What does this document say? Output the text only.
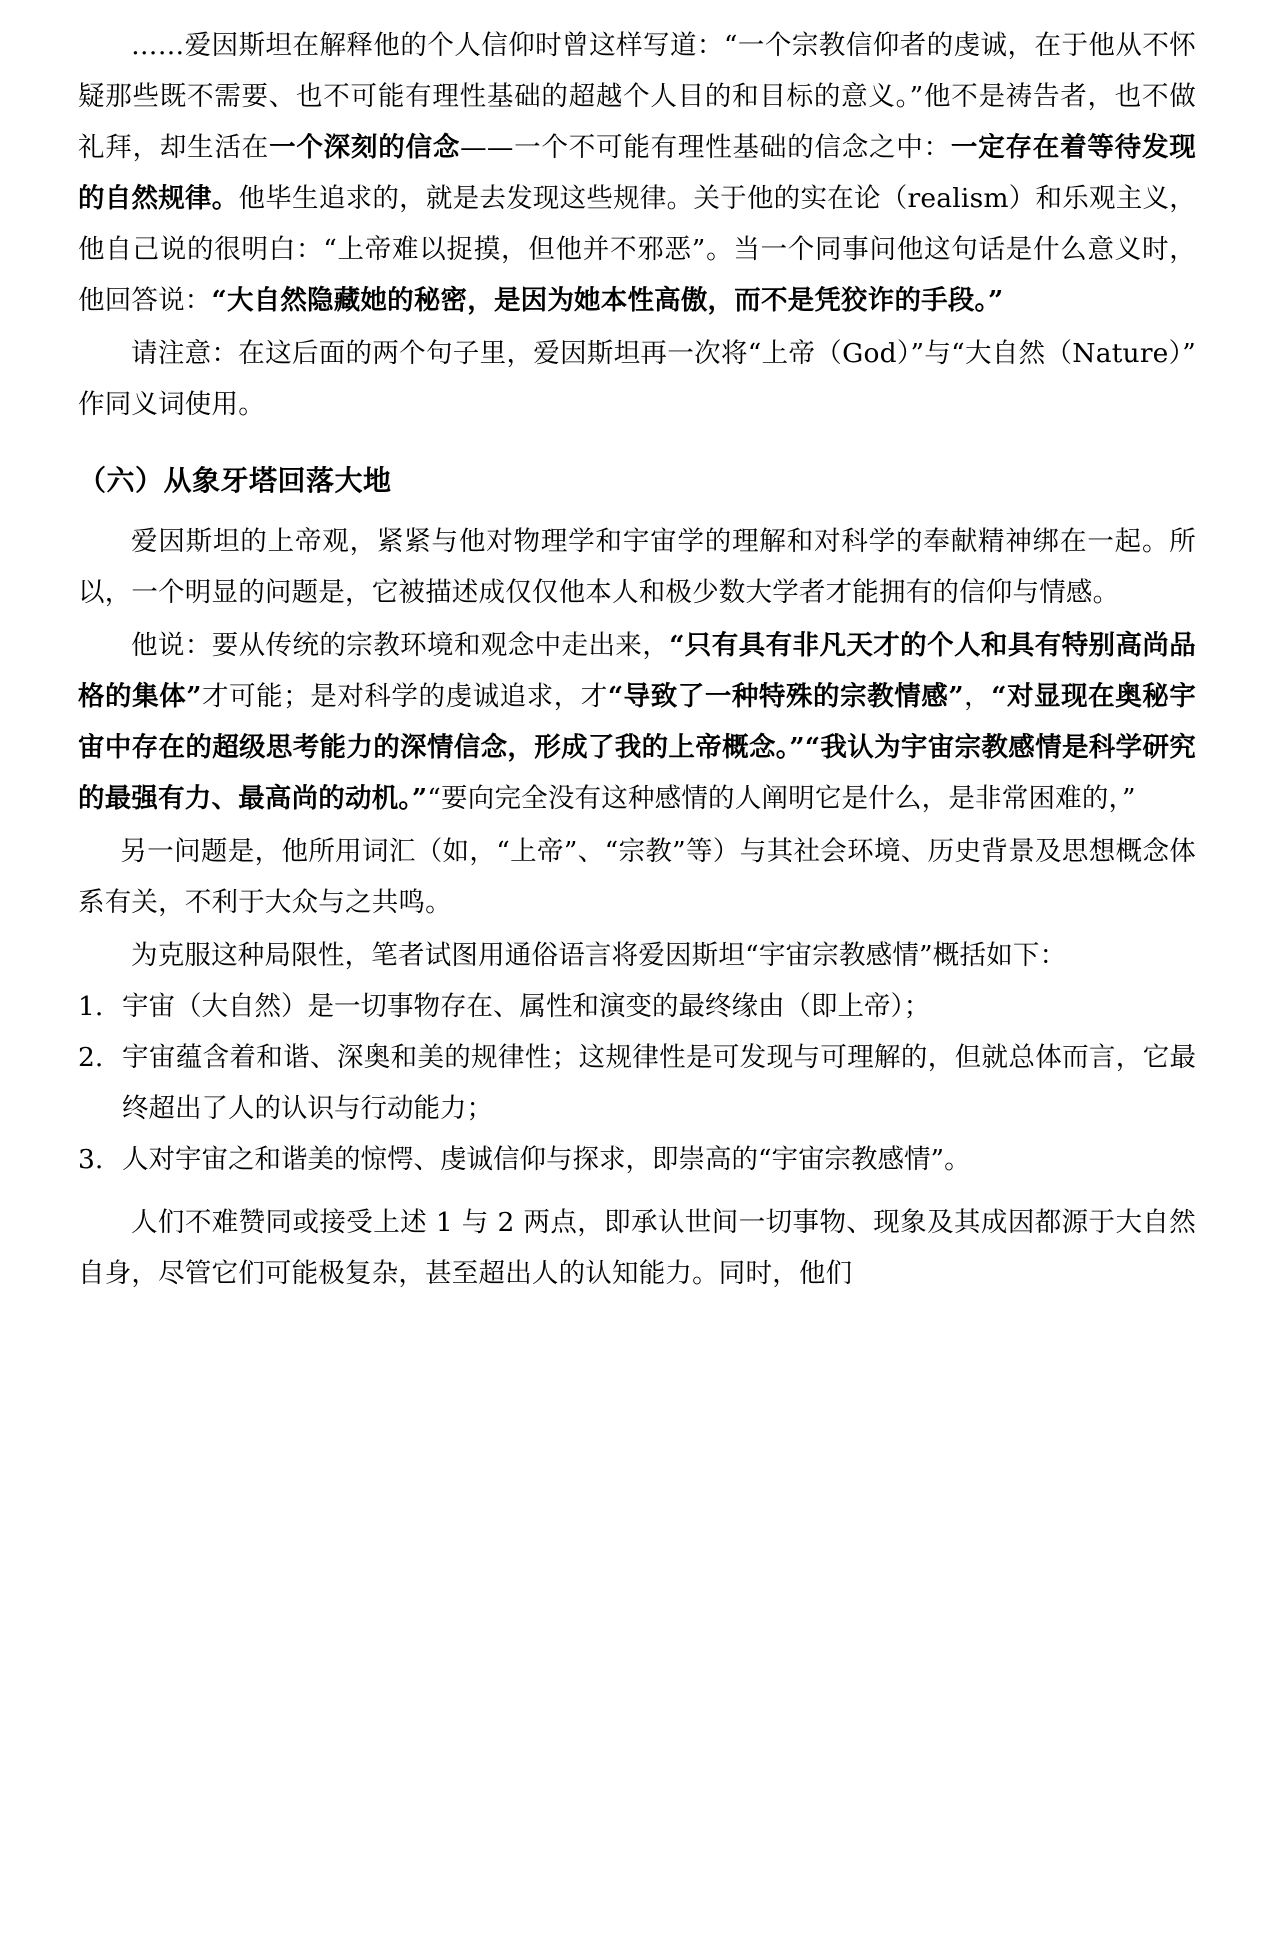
……爱因斯坦在解释他的个人信仰时曾这样写道：“一个宗教信仰者的虔诚，在于他从不怀疑那些既不需要、也不可能有理性基础的超越个人目的和目标的意义。”他不是祷告者，也不做礼拜，却生活在一个深刻的信念——一个不可能有理性基础的信念之中：一定存在着等待发现的自然规律。他毕生追求的，就是去发现这些规律。关于他的实在论（realism）和乐观主义，他自己说的很明白：“上帝难以捉摸，但他并不邪恶”。当一个同事问他这句话是什么意义时，他回答说：“大自然隐藏她的秘密，是因为她本性高傲，而不是凭狡诈的手段。”

请注意：在这后面的两个句子里，爱因斯坦再一次将“上帝（God）”与“大自然（Nature）”作同义词使用。

（六）从象牙塔回落大地

爱因斯坦的上帝观，紧紧与他对物理学和宇宙学的理解和对科学的奉献精神绑在一起。所以，一个明显的问题是，它被描述成仅仅他本人和极少数大学者才能拥有的信仰与情感。

他说：要从传统的宗教环境和观念中走出来，“只有具有非凡天才的个人和具有特别高尚品格的集体”才可能；是对科学的虔诚追求，才“导致了一种特殊的宗教情感”，“对显现在奥秘宇宙中存在的超级思考能力的深情信念，形成了我的上帝概念。”“我认为宇宙宗教感情是科学研究的最强有力、最高尚的动机。”“要向完全没有这种感情的人阐明它是什么，是非常困难的，”

另一问题是，他所用词汇（如，“上帝”、“宗教”等）与其社会环境、历史背景及思想概念体系有关，不利于大众与之共鸣。

为克服这种局限性，笔者试图用通俗语言将爱因斯坦“宇宙宗教感情”概括如下：

1. 宇宙（大自然）是一切事物存在、属性和演变的最终缘由（即上帝）；
2. 宇宙蕴含着和谐、深奥和美的规律性；这规律性是可发现与可理解的，但就总体而言，它最终超出了人的认识与行动能力；
3. 人对宇宙之和谐美的惊愕、虔诚信仰与探求，即崇高的“宇宙宗教感情”。

人们不难赞同或接受上述 1 与 2 两点，即承认世间一切事物、现象及其成因都源于大自然自身，尽管它们可能极复杂，甚至超出人的认知能力。同时，他们
